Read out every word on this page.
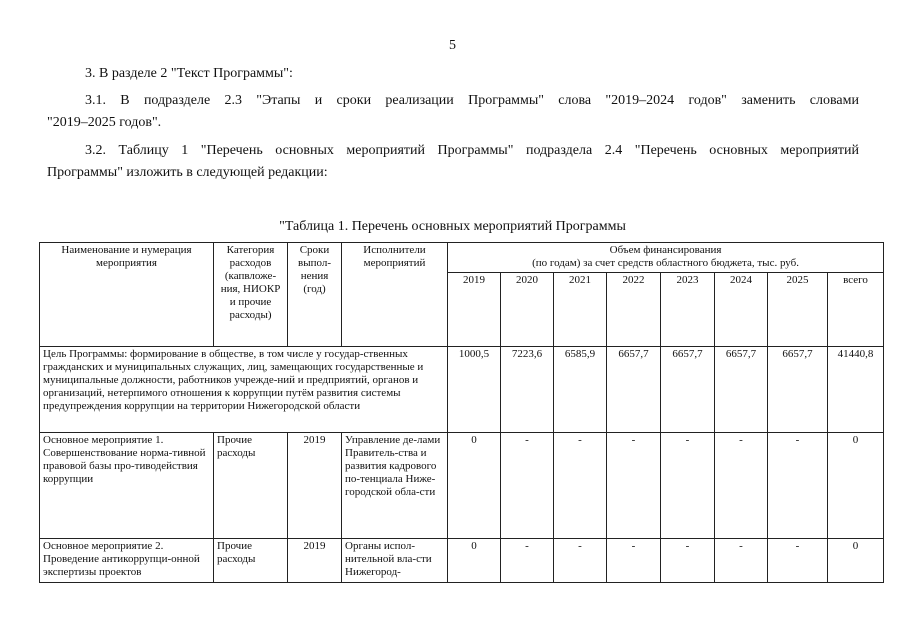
5
3. В разделе 2 "Текст Программы":
3.1. В подразделе 2.3 "Этапы и сроки реализации Программы" слова "2019–2024 годов" заменить словами
"2019–2025 годов".
3.2. Таблицу 1 "Перечень основных мероприятий Программы" подраздела 2.4 "Перечень основных мероприятий
Программы" изложить в следующей редакции:
"Таблица 1. Перечень основных мероприятий Программы
Наименование и нумерация мероприятия	Категория расходов (капвложе-ния, НИОКР и прочие расходы)	Сроки выпол-нения (год)	Исполнители мероприятий	Объем финансирования
(по годам) за счет средств областного бюджета, тыс. руб.							

				2019	2020	2021	2022	2023	2024	2025	всего
Цель Программы: формирование в обществе, в том числе у государ-ственных гражданских и муниципальных служащих, лиц, замещающих государственные и муниципальные должности, работников учрежде-ний и предприятий, органов и организаций, нетерпимого отношения к коррупции путём развития системы предупреждения коррупции на территории Нижегородской области				1000,5	7223,6	6585,9	6657,7	6657,7	6657,7	6657,7	41440,8
Основное мероприятие 1. Совершенствование норма-тивной правовой базы про-тиводействия коррупции	Прочие расходы	2019	Управление де-лами Правитель-ства и развития кадрового по-тенциала Ниже-городской обла-сти	0	-	-	-	-	-	-	0
Основное мероприятие 2. Проведение антикоррупци-онной экспертизы проектов	Прочие расходы	2019	Органы испол-нительной вла-сти Нижегород-	0	-	-	-	-	-	-	0
